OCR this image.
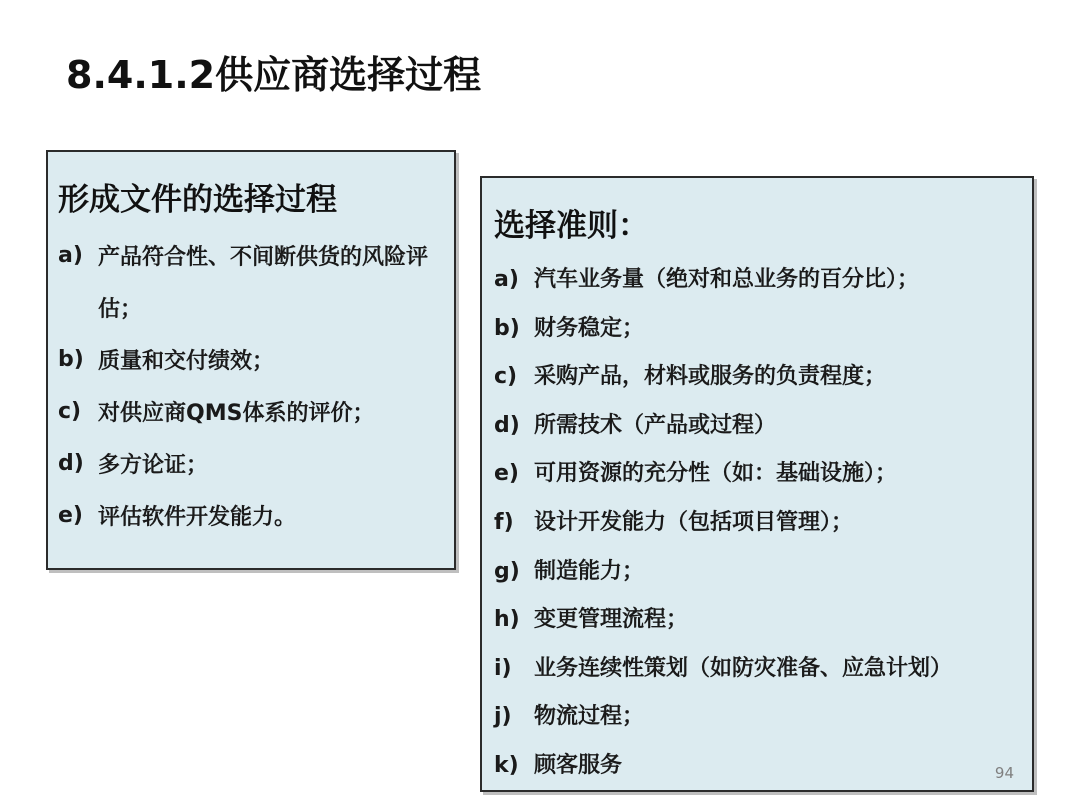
8.4.1.2供应商选择过程
形成文件的选择过程
a) 产品符合性、不间断供货的风险评估；
b) 质量和交付绩效；
c) 对供应商QMS体系的评价；
d) 多方论证；
e) 评估软件开发能力。
选择准则：
a) 汽车业务量（绝对和总业务的百分比）；
b) 财务稳定；
c) 采购产品，材料或服务的负责程度；
d) 所需技术（产品或过程）
e) 可用资源的充分性（如：基础设施）；
f) 设计开发能力（包括项目管理）；
g) 制造能力；
h) 变更管理流程；
i)	业务连续性策划（如防灾准备、应急计划）
j)	物流过程；
k) 顾客服务	94
